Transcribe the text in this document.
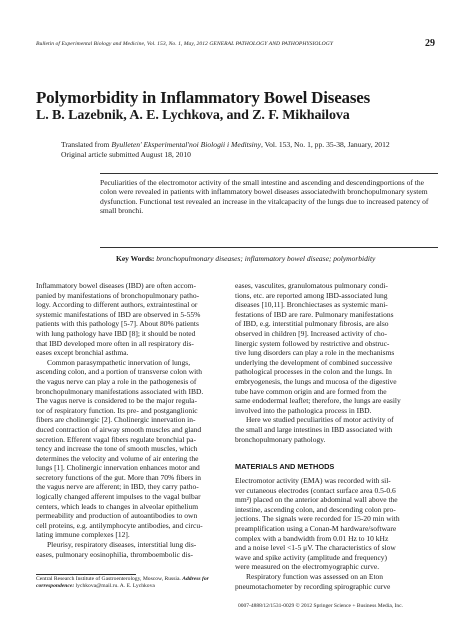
Bulletin of Experimental Biology and Medicine, Vol. 153, No. 1, May, 2012 GENERAL PATHOLOGY AND PATHOPHYSIOLOGY	29
Polymorbidity in Inflammatory Bowel Diseases
L. B. Lazebnik, A. E. Lychkova, and Z. F. Mikhailova
Translated from Byulleten' Eksperimental'noi Biologii i Meditsiny, Vol. 153, No. 1, pp. 35-38, January, 2012
Original article submitted August 18, 2010
Peculiarities of the electromotor activity of the small intestine and ascending and descendingportions of the colon were revealed in patients with inflammatory bowel diseases associatedwith bronchopulmonary system dysfunction. Functional test revealed an increase in the vitalcapacity of the lungs due to increased patency of small bronchi.
Key Words: bronchopulmonary diseases; inflammatory bowel disease; polymorbidity
Inflammatory bowel diseases (IBD) are often accom-
panied by manifestations of bronchopulmonary patho-
logy. According to different authors, extraintestinal or
systemic manifestations of IBD are observed in 5-55%
patients with this pathology [5-7]. About 80% patients
with lung pathology have IBD [8]; it should be noted
that IBD developed more often in all respiratory dis-
eases except bronchial asthma.
Common parasympathetic innervation of lungs,
ascending colon, and a portion of transverse colon with
the vagus nerve can play a role in the pathogenesis of
bronchopulmonary manifestations associated with IBD.
The vagus nerve is considered to be the major regula-
tor of respiratory function. Its pre- and postganglionic
fibers are cholinergic [2]. Cholinergic innervation in-
duced contraction of airway smooth muscles and gland
secretion. Efferent vagal fibers regulate bronchial pa-
tency and increase the tone of smooth muscles, which
determines the velocity and volume of air entering the
lungs [1]. Cholinergic innervation enhances motor and
secretory functions of the gut. More than 70% fibers in
the vagus nerve are afferent; in IBD, they carry patho-
logically changed afferent impulses to the vagal bulbar
centers, which leads to changes in alveolar epithelium
permeability and production of autoantibodies to own
cell proteins, e.g. antilymphocyte antibodies, and circu-
lating immune complexes [12].
Pleurisy, respiratory diseases, interstitial lung dis-
eases, pulmonary eosinophilia, thromboembolic dis-
eases, vasculites, granulomatous pulmonary condi-
tions, etc. are reported among IBD-associated lung
diseases [10,11]. Bronchiectases as systemic mani-
festations of IBD are rare. Pulmonary manifestations
of IBD, e.g. interstitial pulmonary fibrosis, are also
observed in children [9]. Increased activity of cho-
linergic system followed by restrictive and obstruc-
tive lung disorders can play a role in the mechanisms
underlying the development of combined successive
pathological processes in the colon and the lungs. In
embryogenesis, the lungs and mucosa of the digestive
tube have common origin and are formed from the
same endodermal leaflet; therefore, the lungs are easily
involved into the pathologica process in IBD.
Here we studied peculiarities of motor activity of
the small and large intestines in IBD associated with
bronchopulmonary pathology.
MATERIALS AND METHODS
Electromotor activity (EMA) was recorded with sil-
ver cutaneous electrodes (contact surface area 0.5-0.6
mm²) placed on the anterior abdominal wall above the
intestine, ascending colon, and descending colon pro-
jections. The signals were recorded for 15-20 min with
preamplification using a Conan-M hardware/software
complex with a bandwidth from 0.01 Hz to 10 kHz
and a noise level <1-5 μV. The characteristics of slow
wave and spike activity (amplitude and frequency)
were measured on the electromyographic curve.
Respiratory function was assessed on an Eton
pneumotachometer by recording spirographic curve
Central Research Institute of Gastroenterology, Moscow, Russia. Address for correspondence: lychkova@mail.ru. A. E. Lychkova
0007-4888/12/1531-0029 © 2012 Springer Science + Business Media, Inc.
